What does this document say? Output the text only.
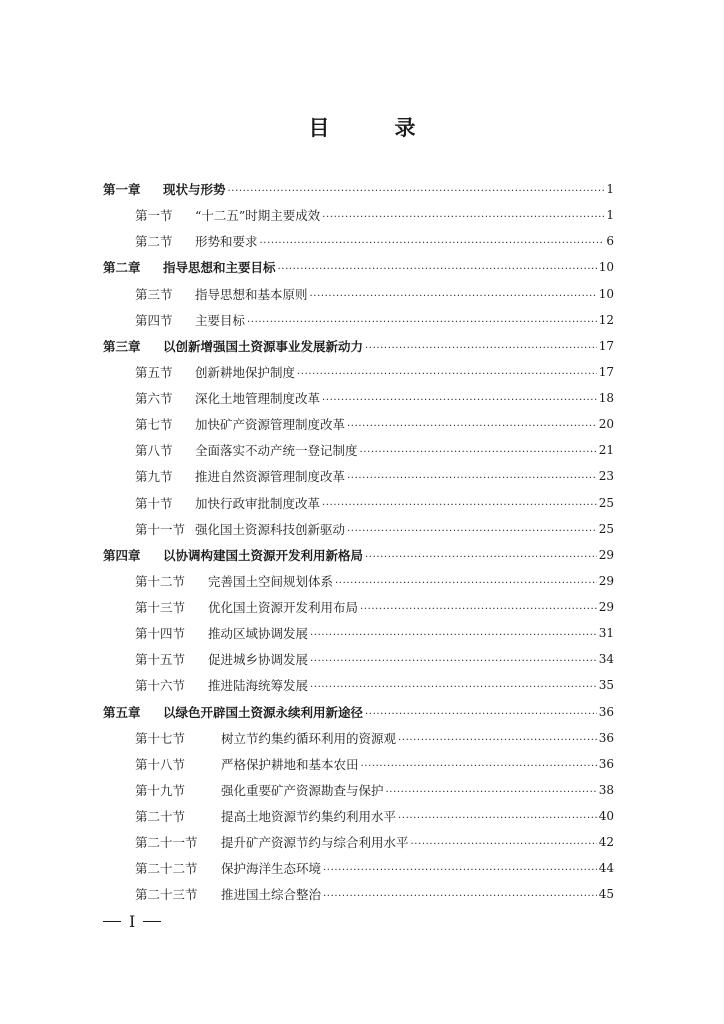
目　录
第一章	现状与形势 .....	1
第一节	“十二五”时期主要成效 .....	1
第二节	形势和要求 .....	6
第二章	指导思想和主要目标 .....	10
第三节	指导思想和基本原则 .....	10
第四节	主要目标 .....	12
第三章	以创新增强国土资源事业发展新动力 .....	17
第五节	创新耕地保护制度 .....	17
第六节	深化土地管理制度改革 .....	18
第七节	加快矿产资源管理制度改革 .....	20
第八节	全面落实不动产统一登记制度 .....	21
第九节	推进自然资源管理制度改革 .....	23
第十节	加快行政审批制度改革 .....	25
第十一节 强化国土资源科技创新驱动 .....	25
第四章	以协调构建国土资源开发利用新格局 .....	29
第十二节	完善国土空间规划体系 .....	29
第十三节	优化国土资源开发利用布局 .....	29
第十四节	推动区域协调发展 .....	31
第十五节	促进城乡协调发展 .....	34
第十六节	推进陆海统筹发展 .....	35
第五章	以绿色开辟国土资源永续利用新途径 .....	36
第十七节	树立节约集约循环利用的资源观 .....	36
第十八节	严格保护耕地和基本农田 .....	36
第十九节	强化重要矿产资源勘查与保护 .....	38
第二十节	提高土地资源节约集约利用水平 .....	40
第二十一节	提升矿产资源节约与综合利用水平 .....	42
第二十二节	保护海洋生态环境 .....	44
第二十三节	推进国土综合整治 .....	45
I
